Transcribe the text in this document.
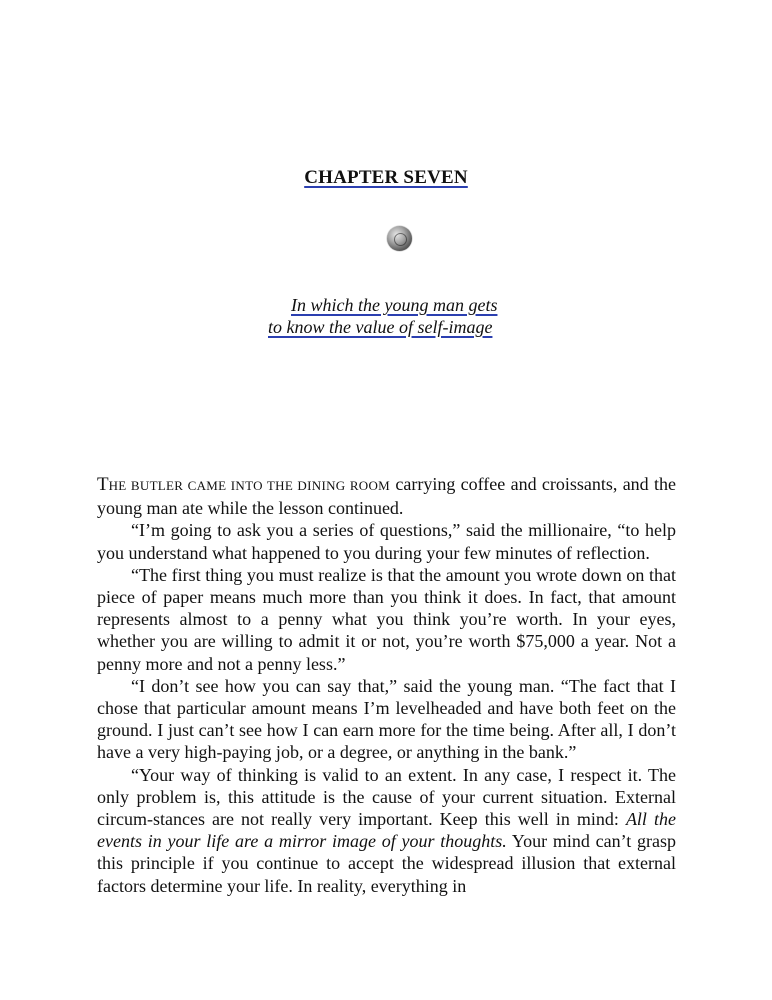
CHAPTER SEVEN
In which the young man gets
to know the value of self-image

THE BUTLER CAME INTO THE DINING ROOM carrying coffee and croissants, and the young man ate while the lesson continued.

“I’m going to ask you a series of questions,” said the millionaire, “to help you understand what happened to you during your few minutes of reflection.

“The first thing you must realize is that the amount you wrote down on that piece of paper means much more than you think it does. In fact, that amount represents almost to a penny what you think you’re worth. In your eyes, whether you are willing to admit it or not, you’re worth $75,000 a year. Not a penny more and not a penny less.”

“I don’t see how you can say that,” said the young man. “The fact that I chose that particular amount means I’m levelheaded and have both feet on the ground. I just can’t see how I can earn more for the time being. After all, I don’t have a very high-paying job, or a degree, or anything in the bank.”

“Your way of thinking is valid to an extent. In any case, I respect it. The only problem is, this attitude is the cause of your current situation. External circum-stances are not really very important. Keep this well in mind: All the events in your life are a mirror image of your thoughts. Your mind can’t grasp this principle if you continue to accept the widespread illusion that external factors determine your life. In reality, everything in
